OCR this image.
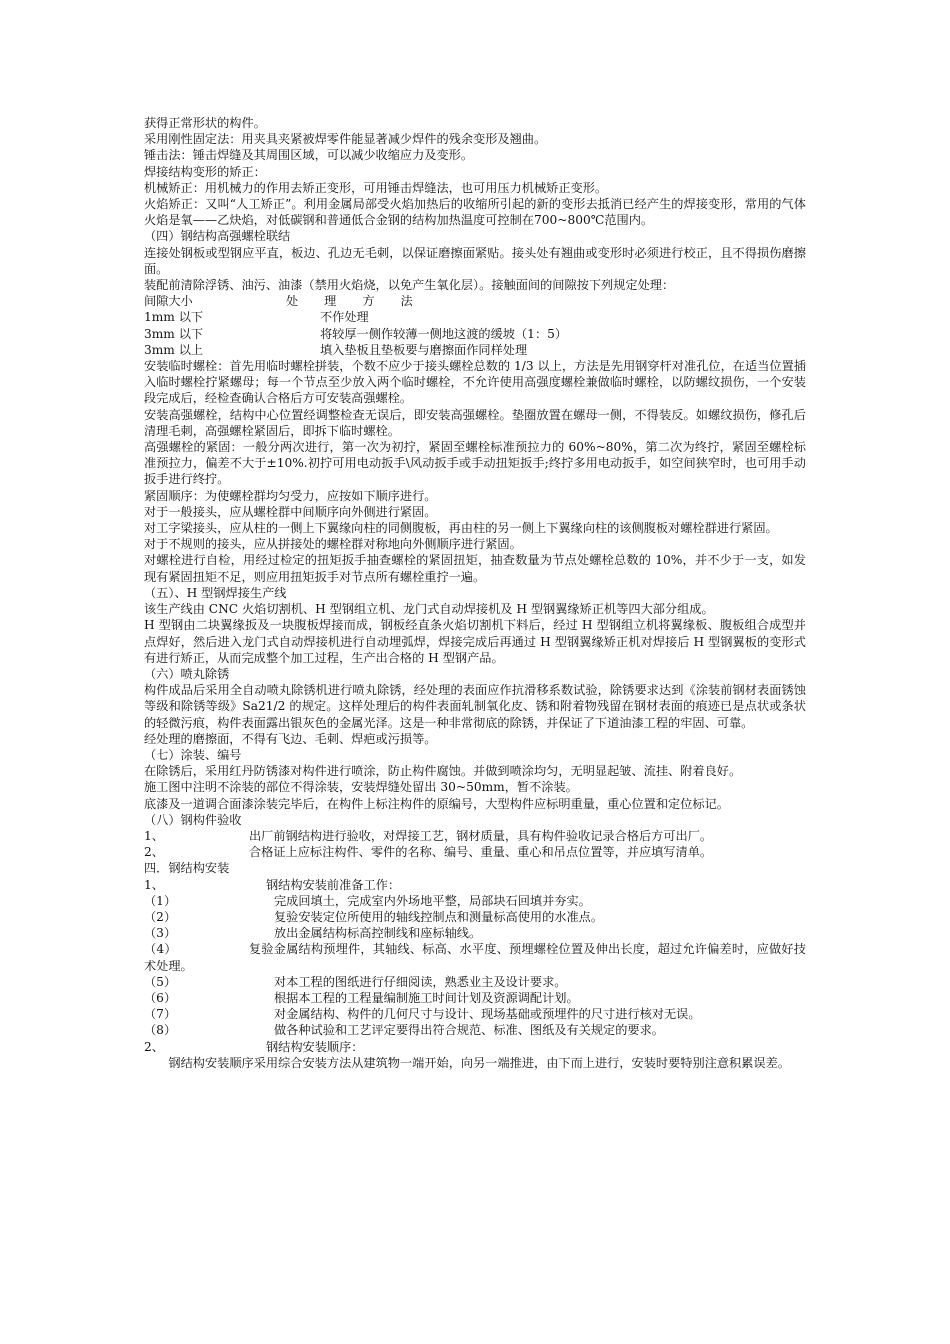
获得正常形状的构件。

采用刚性固定法：用夹具夹紧被焊零件能显著减少焊件的残余变形及翘曲。

锤击法：锤击焊缝及其周围区域，可以减少收缩应力及变形。

焊接结构变形的矫正：

机械矫正：用机械力的作用去矫正变形，可用锤击焊缝法，也可用压力机械矫正变形。

火焰矫正：又叫“人工矫正”。利用金属局部受火焰加热后的收缩所引起的新的变形去抵消已经产生的焊接变形，常用的气体火焰是氧——乙炔焰，对低碳钢和普通低合金钢的结构加热温度可控制在700~800℃范围内。

（四）钢结构高强螺栓联结

连接处钢板或型钢应平直，板边、孔边无毛刺，以保证磨擦面紧贴。接头处有翘曲或变形时必须进行校正，且不得损伤磨擦面。

装配前清除浮锈、油污、油漆（禁用火焰烧，以免产生氧化层）。接触面间的间隙按下列规定处理：

间隙大小	处理方法
1mm 以下	不作处理
3mm 以下	将较厚一侧作较薄一侧地这渡的缓坡（1：5）
3mm 以上	填入垫板且垫板要与磨擦面作同样处理

安装临时螺栓：首先用临时螺栓拼装，个数不应少于接头螺栓总数的 1/3 以上，方法是先用钢穿杆对准孔位，在适当位置插入临时螺栓拧紧螺母；每一个节点至少放入两个临时螺栓，不允许使用高强度螺栓兼做临时螺栓，以防螺纹损伤，一个安装段完成后，经检查确认合格后方可安装高强螺栓。

安装高强螺栓，结构中心位置经调整检查无误后，即安装高强螺栓。垫圈放置在螺母一侧，不得装反。如螺纹损伤，修孔后清理毛刺，高强螺栓紧固后，即拆下临时螺栓。

高强螺栓的紧固：一般分两次进行，第一次为初拧，紧固至螺栓标准预拉力的 60%~80%，第二次为终拧，紧固至螺栓标准预拉力，偏差不大于±10%.初拧可用电动扳手\风动扳手或手动扭矩扳手;终拧多用电动扳手，如空间狭窄时，也可用手动扳手进行终拧。

紧固顺序：为使螺栓群均匀受力，应按如下顺序进行。

对于一般接头，应从螺栓群中间顺序向外侧进行紧固。

对工字梁接头，应从柱的一侧上下翼缘向柱的同侧腹板，再由柱的另一侧上下翼缘向柱的该侧腹板对螺栓群进行紧固。

对于不规则的接头，应从拼接处的螺栓群对称地向外侧顺序进行紧固。

对螺栓进行自检，用经过检定的扭矩扳手抽查螺栓的紧固扭矩，抽查数量为节点处螺栓总数的 10%，并不少于一支，如发现有紧固扭矩不足，则应用扭矩扳手对节点所有螺栓重拧一遍。

（五）、H 型钢焊接生产线

该生产线由 CNC 火焰切割机、H 型钢组立机、龙门式自动焊接机及 H 型钢翼缘矫正机等四大部分组成。

H 型钢由二块翼缘扳及一块腹板焊接而成，钢板经直条火焰切割机下料后，经过 H 型钢组立机将翼缘板、腹板组合成型并点焊好，然后进入龙门式自动焊接机进行自动埋弧焊，焊接完成后再通过 H 型钢翼缘矫正机对焊接后 H 型钢翼板的变形式有进行矫正，从而完成整个加工过程，生产出合格的 H 型钢产品。

（六）喷丸除锈

构件成品后采用全自动喷丸除锈机进行喷丸除锈，经处理的表面应作抗滑移系数试验，除锈要求达到《涂装前钢材表面锈蚀等级和除锈等级》Sa21/2 的规定。这样处理后的构件表面轧制氧化皮、锈和附着物残留在钢材表面的痕迹已是点状或条状的轻微污痕，构件表面露出银灰色的金属光泽。这是一种非常彻底的除锈，并保证了下道油漆工程的牢固、可靠。

经处理的磨擦面，不得有飞边、毛刺、焊疤或污损等。

（七）涂装、编号

在除锈后，采用红丹防锈漆对构件进行喷涂，防止构件腐蚀。并做到喷涂均匀，无明显起皱、流挂、附着良好。

施工图中注明不涂装的部位不得涂装，安装焊缝处留出 30~50mm，暂不涂装。

底漆及一道调合面漆涂装完毕后，在构件上标注构件的原编号，大型构件应标明重量，重心位置和定位标记。

（八）钢构件验收

1、	出厂前钢结构进行验收，对焊接工艺，钢材质量，具有构件验收记录合格后方可出厂。
2、	合格证上应标注构件、零件的名称、编号、重量、重心和吊点位置等，并应填写清单。

四．钢结构安装

1、	钢结构安装前准备工作：
（1）	完成回填土，完成室内外场地平整，局部块石回填并夯实。
（2）	复验安装定位所使用的轴线控制点和测量标高使用的水准点。
（3）	放出金属结构标高控制线和座标轴线。

（4）	复验金属结构预埋件，其轴线、标高、水平度、预埋螺栓位置及伸出长度，超过允许偏差时，应做好技术处理。

（5）	对本工程的图纸进行仔细阅读，熟悉业主及设计要求。
（6）	根据本工程的工程量编制施工时间计划及资源调配计划。
（7）	对金属结构、构件的几何尺寸与设计、现场基础或预埋件的尺寸进行核对无误。
（8）	做各种试验和工艺评定要得出符合规范、标准、图纸及有关规定的要求。
2、	钢结构安装顺序：

钢结构安装顺序采用综合安装方法从建筑物一端开始，向另一端推进，由下而上进行，安装时要特别注意积累误差。
